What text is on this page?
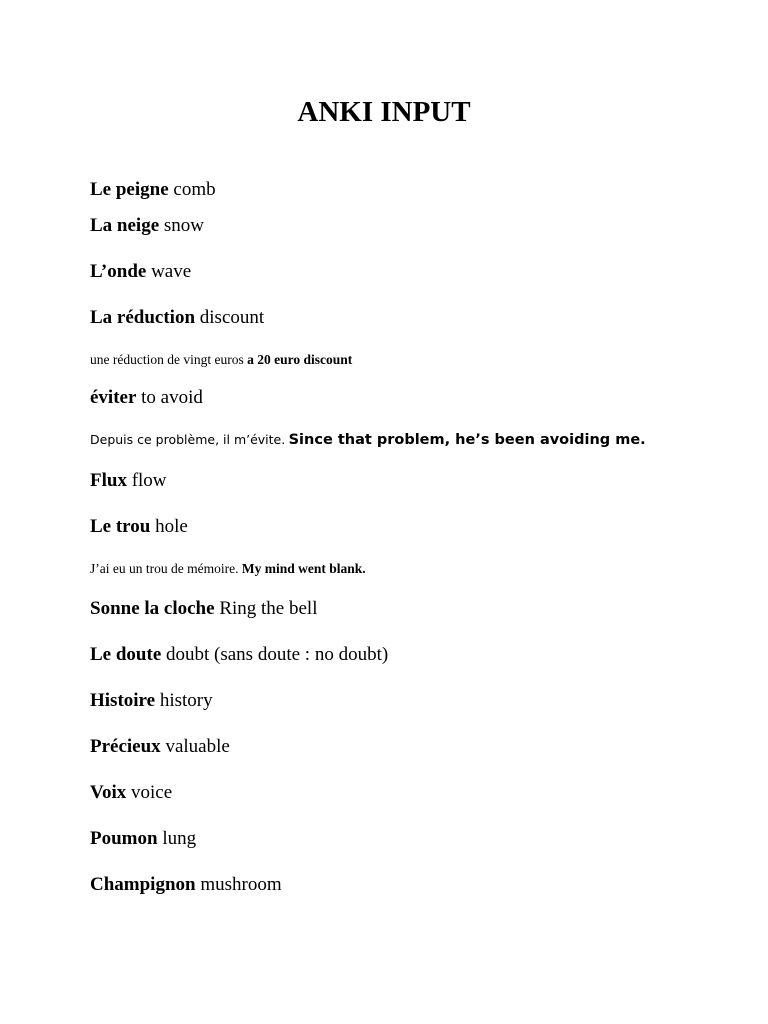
ANKI INPUT
Le peigne comb
La neige snow
L’onde wave
La réduction discount
une réduction de vingt euros a 20 euro discount
éviter to avoid
Depuis ce problème, il m’évite. Since that problem, he’s been avoiding me.
Flux flow
Le trou hole
J’ai eu un trou de mémoire. My mind went blank.
Sonne la cloche Ring the bell
Le doute doubt (sans doute : no doubt)
Histoire history
Précieux valuable
Voix voice
Poumon lung
Champignon mushroom
